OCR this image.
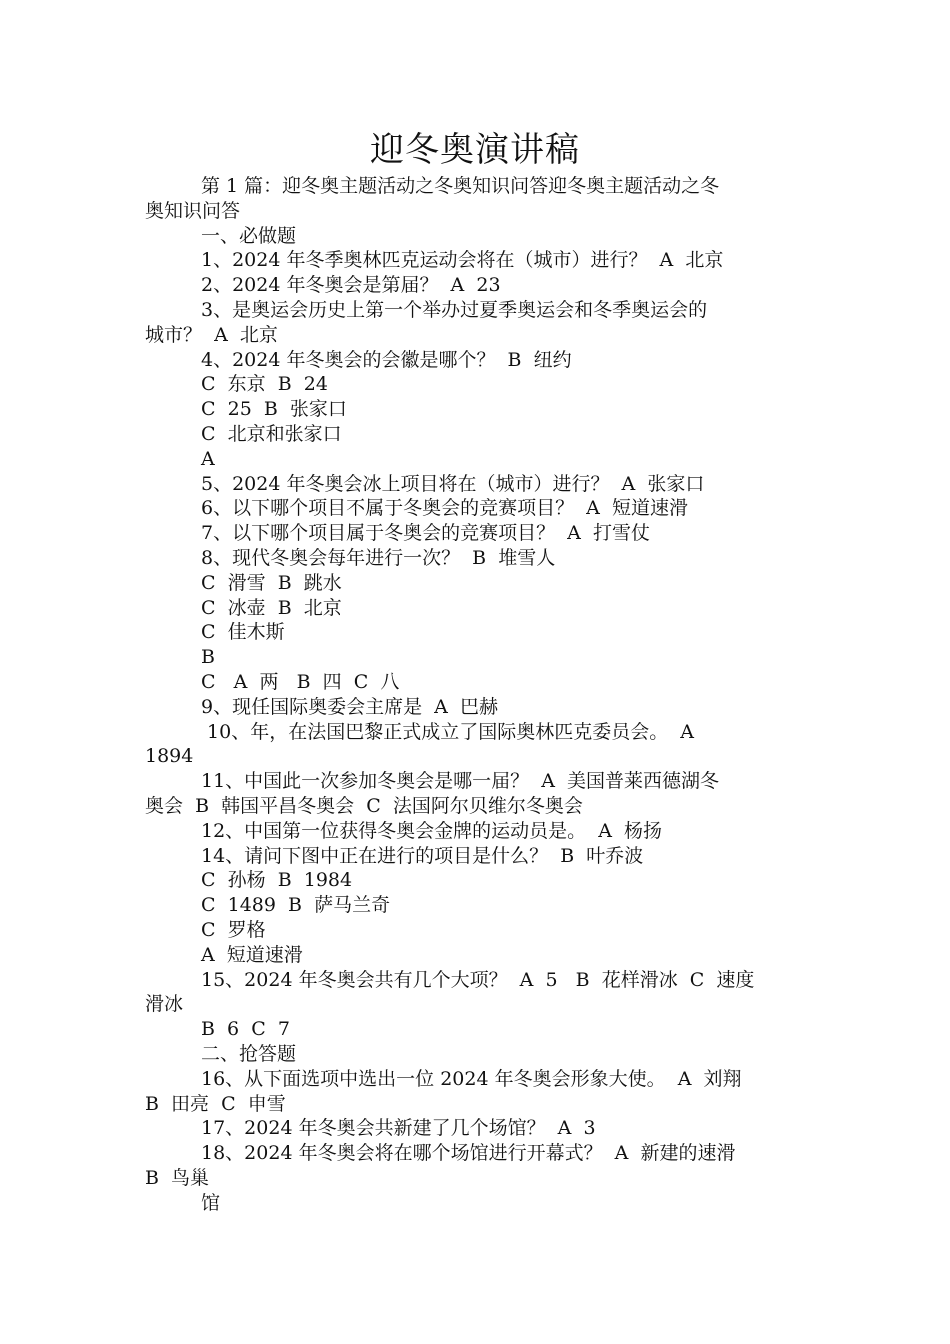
迎冬奥演讲稿
第 1 篇：迎冬奥主题活动之冬奥知识问答迎冬奥主题活动之冬
奥知识问答
一、必做题
1、2024 年冬季奥林匹克运动会将在（城市）进行？  A  北京
2、2024 年冬奥会是第届？  A  23
3、是奥运会历史上第一个举办过夏季奥运会和冬季奥运会的
城市？  A  北京
4、2024 年冬奥会的会徽是哪个？  B  纽约
C  东京  B  24
C  25  B  张家口
C  北京和张家口
A
5、2024 年冬奥会冰上项目将在（城市）进行？  A  张家口
6、以下哪个项目不属于冬奥会的竞赛项目？  A  短道速滑
7、以下哪个项目属于冬奥会的竞赛项目？  A  打雪仗
8、现代冬奥会每年进行一次？  B  堆雪人
C  滑雪  B  跳水
C  冰壶  B  北京
C  佳木斯
B
C   A  两   B  四  C  八
9、现任国际奥委会主席是  A  巴赫
10、年，在法国巴黎正式成立了国际奥林匹克委员会。  A
1894
11、中国此一次参加冬奥会是哪一届？  A  美国普莱西德湖冬
奥会  B  韩国平昌冬奥会  C  法国阿尔贝维尔冬奥会
12、中国第一位获得冬奥会金牌的运动员是。  A  杨扬
14、请问下图中正在进行的项目是什么？  B  叶乔波
C  孙杨  B  1984
C  1489  B  萨马兰奇
C  罗格
A  短道速滑
15、2024 年冬奥会共有几个大项？  A  5   B  花样滑冰  C  速度
滑冰
B  6  C  7
二、抢答题
16、从下面选项中选出一位 2024 年冬奥会形象大使。  A  刘翔
B  田亮  C  申雪
17、2024 年冬奥会共新建了几个场馆？  A  3
18、2024 年冬奥会将在哪个场馆进行开幕式？  A  新建的速滑
B  鸟巢
馆
